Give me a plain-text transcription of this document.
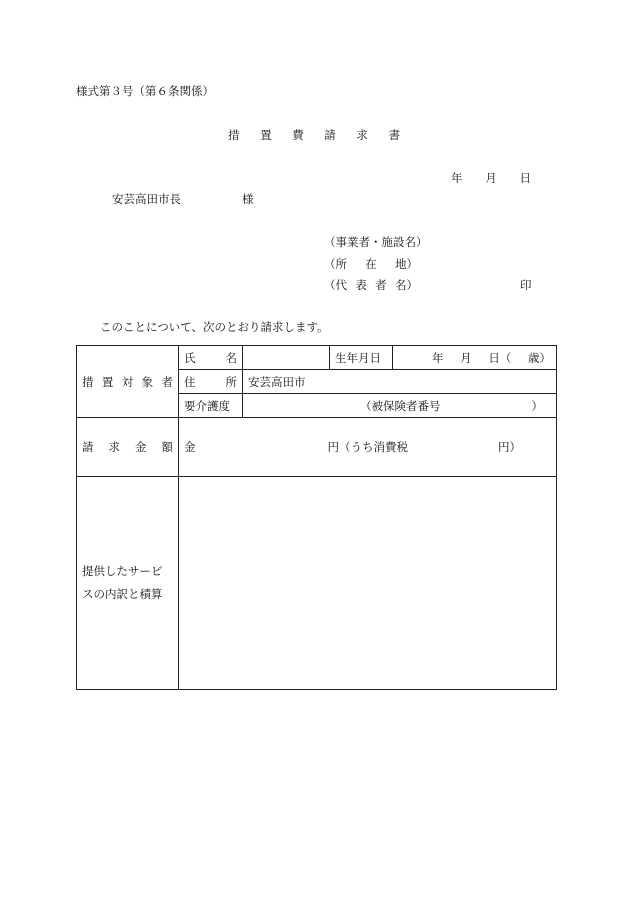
様式第３号（第６条関係）
措 置 費 請 求 書
年 月 日
安芸高田市長	様
（事業者・施設名）
（所 在 地）
（代 表 者 名）	印
このことについて、次のとおり請求します。
措 置 対 象 者	氏 名		生年月日	年 月 日（ 歳）

	住 所	安芸高田市		
	要介護度	（被保険者番号 ）		

請 求 金 額	金 円（うち消費税 円）			

提供したサービ
スの内訳と積算				
